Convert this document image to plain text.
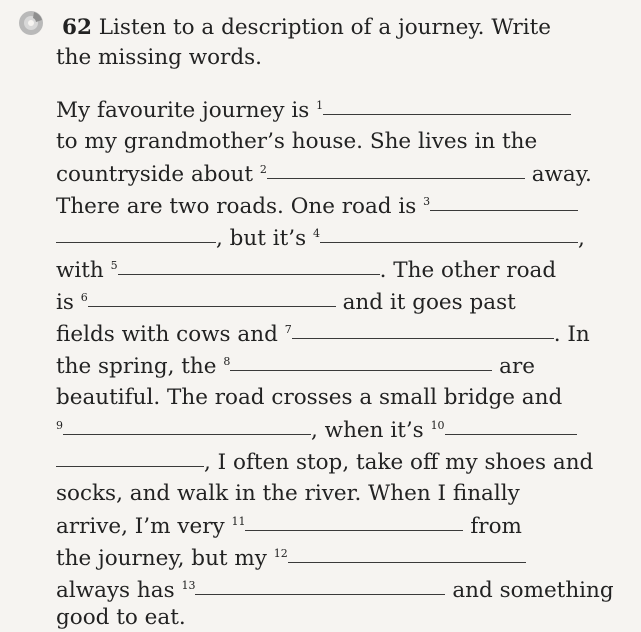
62 Listen to a description of a journey. Write
the missing words.
My favourite journey is $^1$
to my grandmother’s house. She lives in the
countryside about $^2$	away.
There are two roads. One road is $^3$
, but it’s $^4$	,
with $^5$	. The other road
is $^6$	and it goes past
fields with cows and $^7$	. In
the spring, the $^8$	are
beautiful. The road crosses a small bridge and
$^9$	, when it’s $^{10}$
, I often stop, take off my shoes and
socks, and walk in the river. When I finally
arrive, I’m very $^{11}$	from
the journey, but my $^{12}$
always has $^{13}$	and something
good to eat.
